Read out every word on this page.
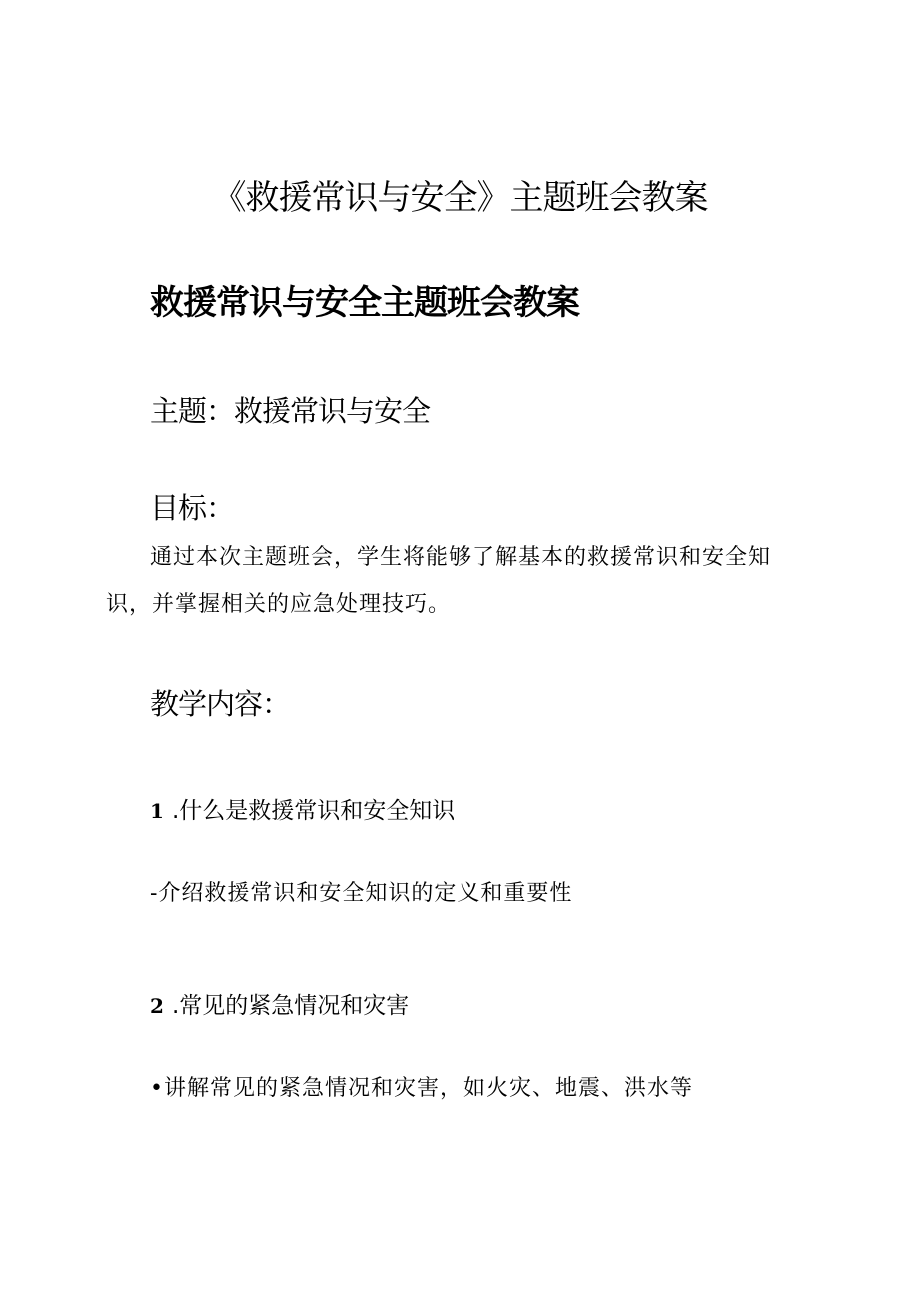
《救援常识与安全》主题班会教案
救援常识与安全主题班会教案
主题：救援常识与安全
目标：

通过本次主题班会，学生将能够了解基本的救援常识和安全知

识，并掌握相关的应急处理技巧。

教学内容：
1 .什么是救援常识和安全知识

-介绍救援常识和安全知识的定义和重要性

2 .常见的紧急情况和灾害

•讲解常见的紧急情况和灾害，如火灾、地震、洪水等
